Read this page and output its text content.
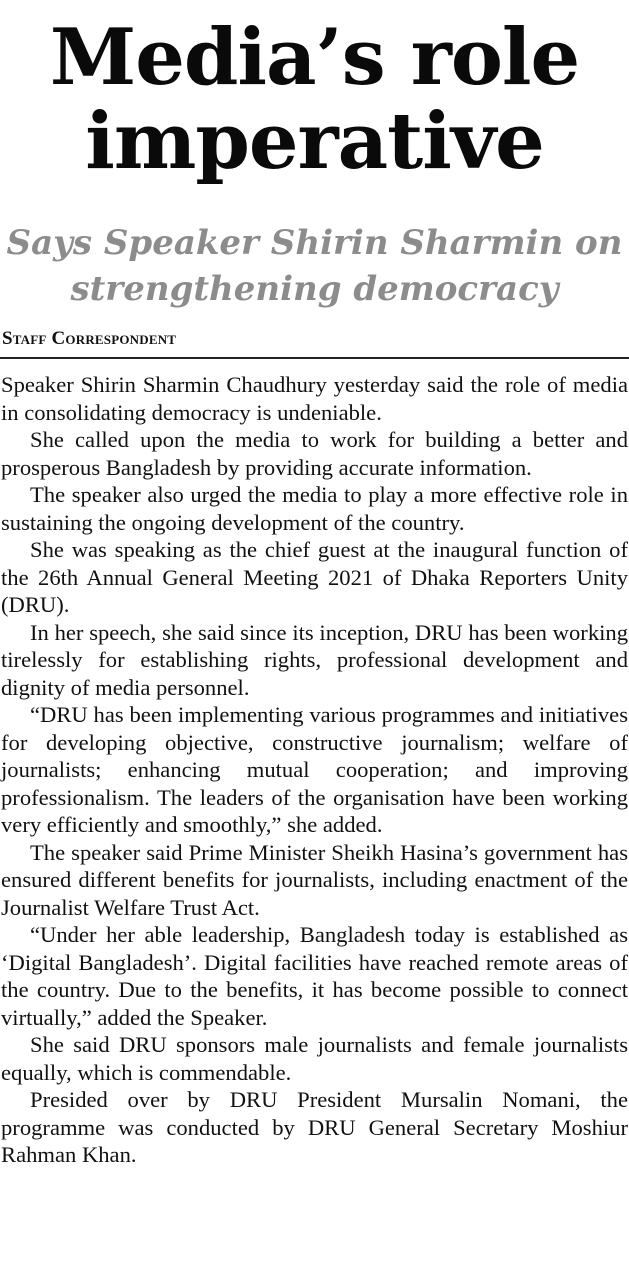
Media’s role imperative
Says Speaker Shirin Sharmin on strengthening democracy
Staff Correspondent

Speaker Shirin Sharmin Chaudhury yesterday said the role of media in consolidating democracy is undeniable.

She called upon the media to work for building a better and prosperous Bangladesh by providing accurate information.

The speaker also urged the media to play a more effective role in sustaining the ongoing development of the country.

She was speaking as the chief guest at the inaugural function of the 26th Annual General Meeting 2021 of Dhaka Reporters Unity (DRU).

In her speech, she said since its inception, DRU has been working tirelessly for establishing rights, professional development and dignity of media personnel.

“DRU has been implementing various programmes and initiatives for developing objective, constructive journalism; welfare of journalists; enhancing mutual cooperation; and improving professionalism. The leaders of the organisation have been working very efficiently and smoothly,” she added.

The speaker said Prime Minister Sheikh Hasina’s government has ensured different benefits for journalists, including enactment of the Journalist Welfare Trust Act.

“Under her able leadership, Bangladesh today is established as ‘Digital Bangladesh’. Digital facilities have reached remote areas of the country. Due to the benefits, it has become possible to connect virtually,” added the Speaker.

She said DRU sponsors male journalists and female journalists equally, which is commendable.

Presided over by DRU President Mursalin Nomani, the programme was conducted by DRU General Secretary Moshiur Rahman Khan.
